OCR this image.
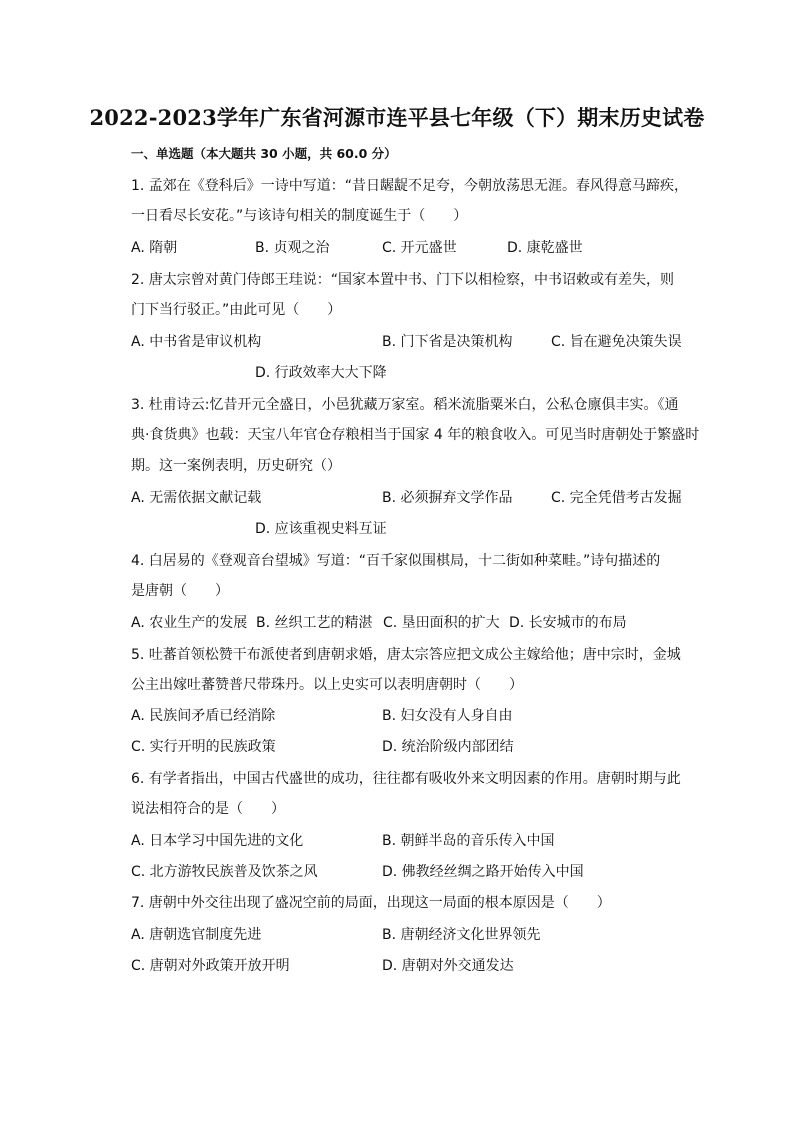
2022-2023学年广东省河源市连平县七年级（下）期末历史试卷
一、单选题（本大题共 30 小题，共 60.0 分）
1. 孟郊在《登科后》一诗中写道：“昔日龌龊不足夸，今朝放荡思无涯。春风得意马蹄疾，
一日看尽长安花。”与该诗句相关的制度诞生于（　　）
A. 隋朝	B. 贞观之治	C. 开元盛世	D. 康乾盛世
2. 唐太宗曾对黄门侍郎王珪说：“国家本置中书、门下以相检察，中书诏敕或有差失，则
门下当行驳正。”由此可见（　　）
A. 中书省是审议机构	B. 门下省是决策机构	C. 旨在避免决策失误
D. 行政效率大大下降
3. 杜甫诗云:忆昔开元全盛日，小邑犹藏万家室。稻米流脂粟米白，公私仓廪俱丰实。《通
典·食货典》也载：天宝八年官仓存粮相当于国家 4 年的粮食收入。可见当时唐朝处于繁盛时
期。这一案例表明，历史研究（）
A. 无需依据文献记载	B. 必须摒弃文学作品	C. 完全凭借考古发掘
D. 应该重视史料互证
4. 白居易的《登观音台望城》写道：“百千家似围棋局，十二街如种菜畦。”诗句描述的
是唐朝（　　）
A. 农业生产的发展 B. 丝织工艺的精湛 C. 垦田面积的扩大 D. 长安城市的布局
5. 吐蕃首领松赞干布派使者到唐朝求婚，唐太宗答应把文成公主嫁给他；唐中宗时，金城
公主出嫁吐蕃赞普尺带珠丹。以上史实可以表明唐朝时（　　）
A. 民族间矛盾已经消除	B. 妇女没有人身自由
C. 实行开明的民族政策	D. 统治阶级内部团结
6. 有学者指出，中国古代盛世的成功，往往都有吸收外来文明因素的作用。唐朝时期与此
说法相符合的是（　　）
A. 日本学习中国先进的文化	B. 朝鲜半岛的音乐传入中国
C. 北方游牧民族普及饮茶之风	D. 佛教经丝绸之路开始传入中国
7. 唐朝中外交往出现了盛况空前的局面，出现这一局面的根本原因是（　　）
A. 唐朝选官制度先进	B. 唐朝经济文化世界领先
C. 唐朝对外政策开放开明	D. 唐朝对外交通发达
